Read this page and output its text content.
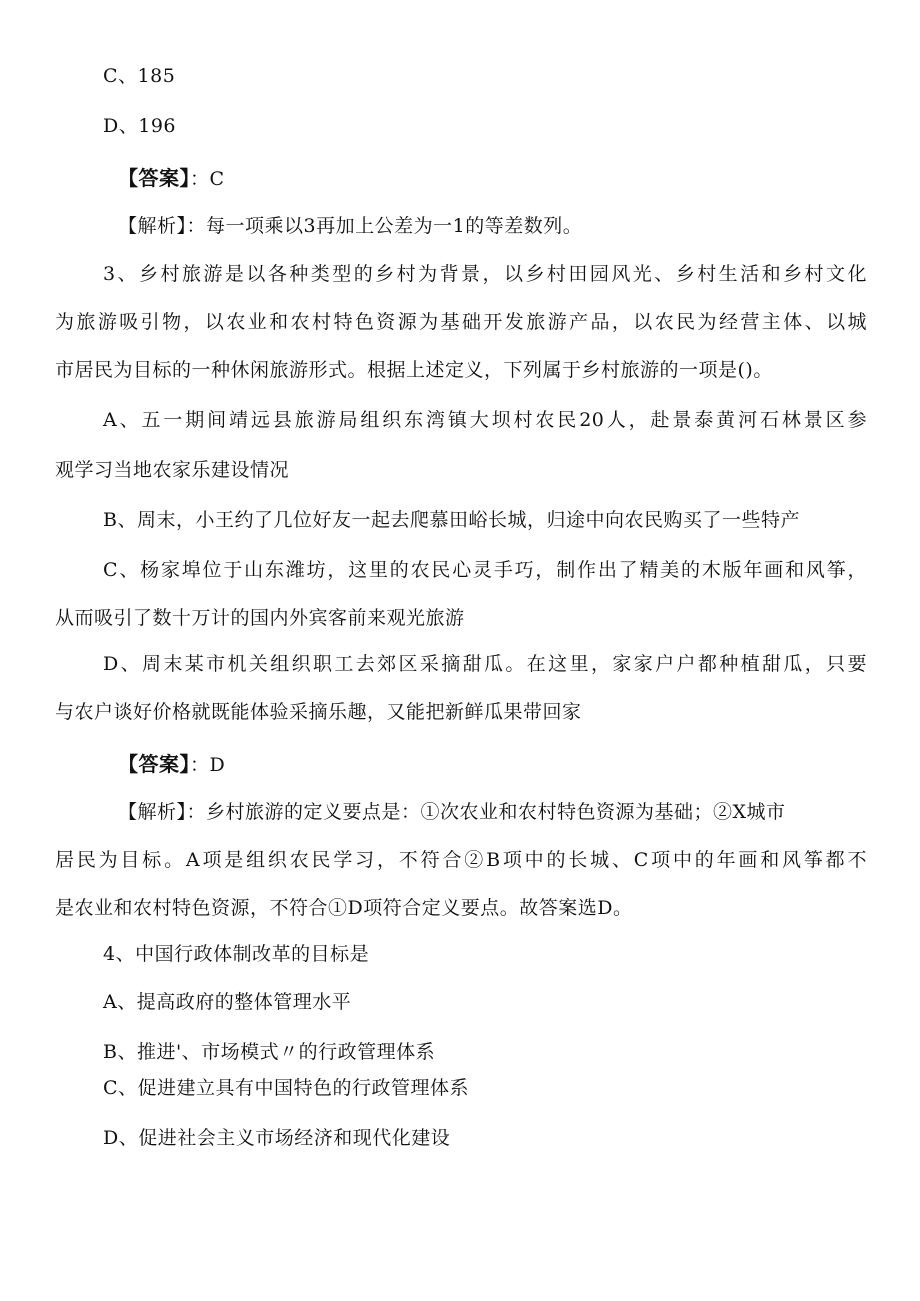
C、185
D、196
【答案】：C
【解析】：每一项乘以3再加上公差为一1的等差数列。
3、乡村旅游是以各种类型的乡村为背景，以乡村田园风光、乡村生活和乡村文化
为旅游吸引物，以农业和农村特色资源为基础开发旅游产品，以农民为经营主体、以城
市居民为目标的一种休闲旅游形式。根据上述定义，下列属于乡村旅游的一项是()。
A、五一期间靖远县旅游局组织东湾镇大坝村农民20人，赴景泰黄河石林景区参
观学习当地农家乐建设情况
B、周末，小王约了几位好友一起去爬慕田峪长城，归途中向农民购买了一些特产
C、杨家埠位于山东潍坊，这里的农民心灵手巧，制作出了精美的木版年画和风筝，
从而吸引了数十万计的国内外宾客前来观光旅游
D、周末某市机关组织职工去郊区采摘甜瓜。在这里，家家户户都种植甜瓜，只要
与农户谈好价格就既能体验采摘乐趣，又能把新鲜瓜果带回家
【答案】：D
【解析】：乡村旅游的定义要点是：①次农业和农村特色资源为基础；②X城市
居民为目标。A项是组织农民学习，不符合②B项中的长城、C项中的年画和风筝都不
是农业和农村特色资源，不符合①D项符合定义要点。故答案选D。
4、中国行政体制改革的目标是
A、提高政府的整体管理水平
B、推进'、市场模式〃的行政管理体系
C、促进建立具有中国特色的行政管理体系
D、促进社会主义市场经济和现代化建设
